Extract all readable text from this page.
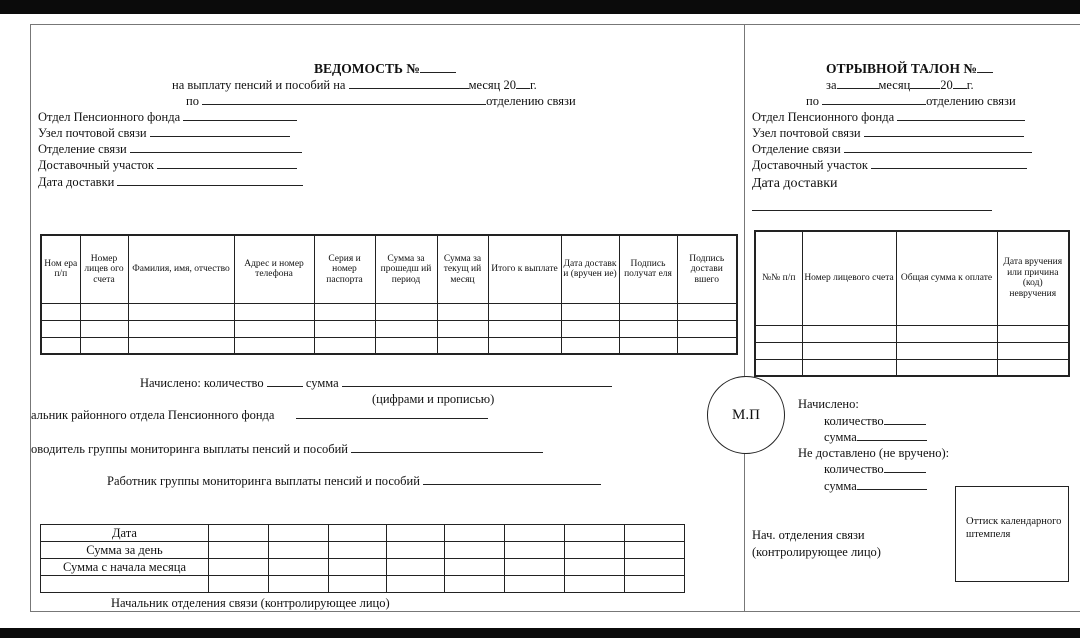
ВЕДОМОСТЬ №
на выплату пенсий и пособий на	месяц 20 г.
по	отделению связи
Отдел Пенсионного фонда
Узел почтовой связи
Отделение связи
Доставочный участок
Дата доставки
Ном ера п/п	Номер лицев ого счета	Фамилия, имя, отчество	Адрес и номер телефона	Серия и номер паспорта	Сумма за прошедш ий период	Сумма за текущ ий месяц	Итого к выплате	Дата доставк и (вручен ие)	Подпись получат еля	Подпись достави вшего

Начислено: количество	сумма
(цифрами и прописью)
альник районного отдела Пенсионного фонда
оводитель группы мониторинга выплаты пенсий и пособий
Работник группы мониторинга выплаты пенсий и пособий
Дата								
Сумма за день								
Сумма с начала месяца								

Начальник отделения связи (контролирующее лицо)
ОТРЫВНОЙ ТАЛОН №
за	месяц 20 г.
по	отделению связи
Отдел Пенсионного фонда
Узел почтовой связи
Отделение связи
Доставочный участок
Дата доставки
№№ п/п	Номер лицевого счета	Общая сумма к оплате	Дата вручения или причина (код) невручения

М.П
Начислено:
количество
сумма
Не доставлено (не вручено):
количество
сумма
Нач. отделения связи
(контролирующее лицо)
Оттиск календарного штемпеля
